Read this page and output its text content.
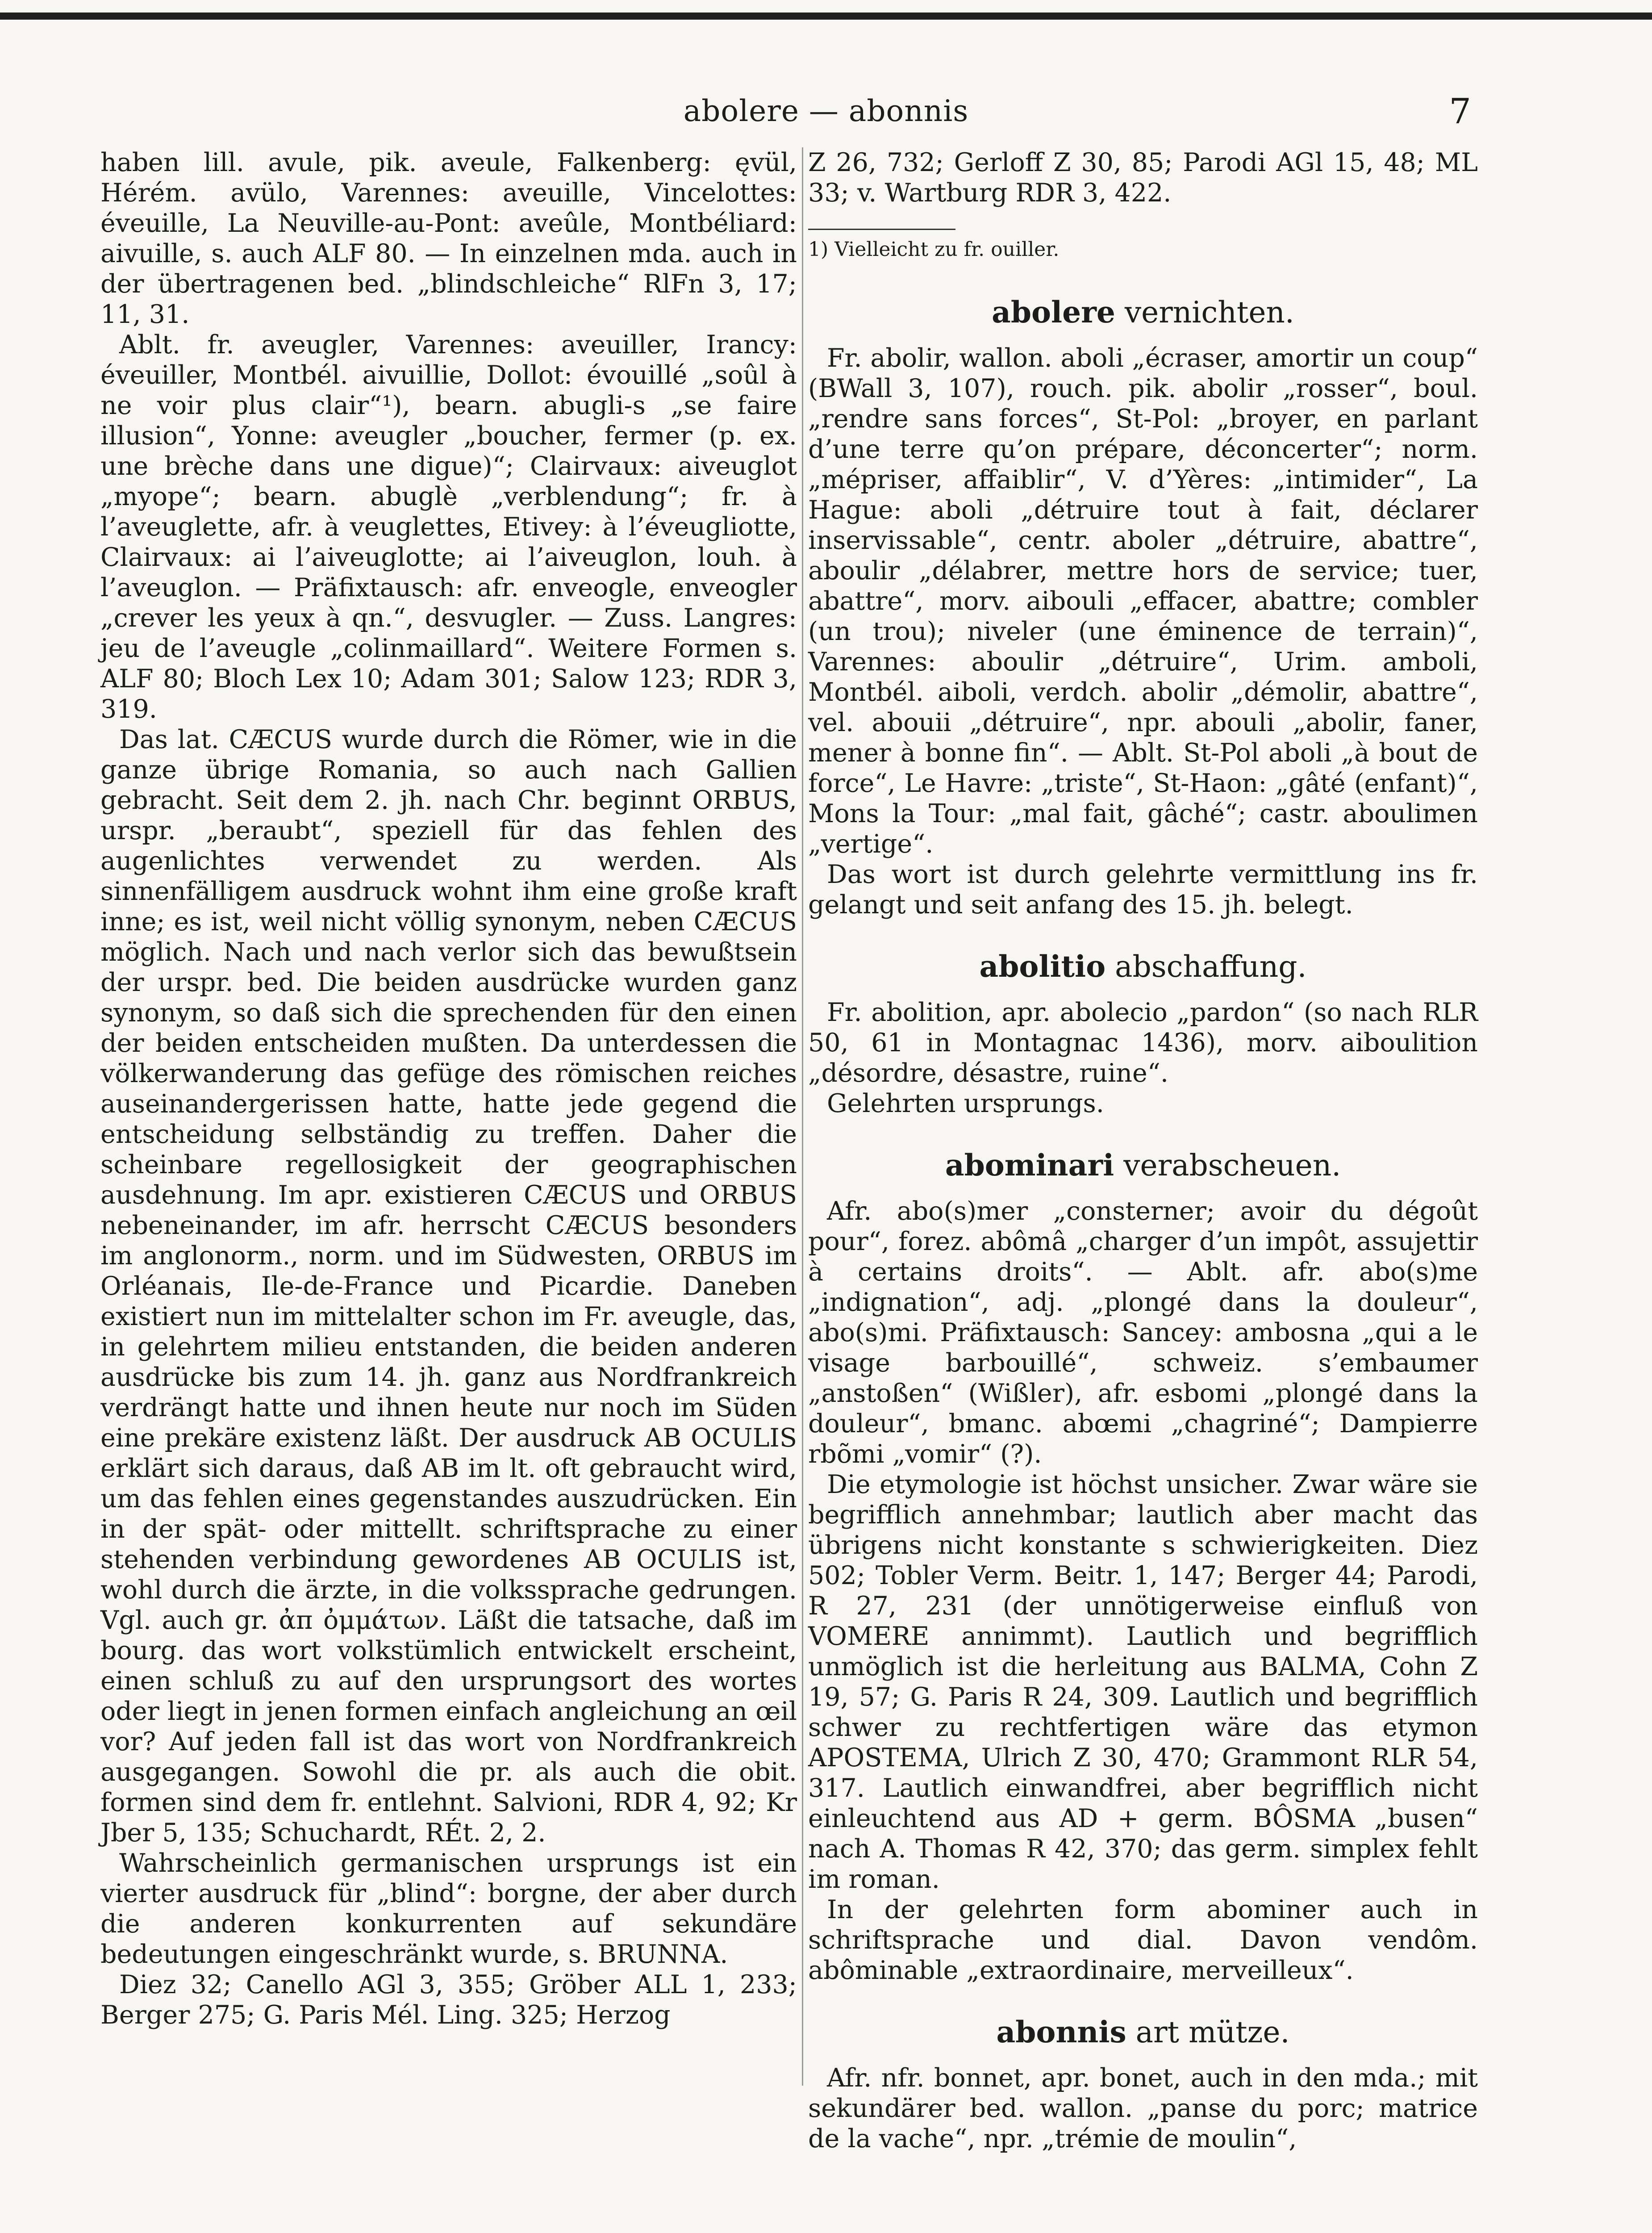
abolere — abonnis	7

haben lill. avule, pik. aveule, Falkenberg: ęvül, Hérém. avülo, Varennes: aveuille, Vincelottes: éveuille, La Neuville-au-Pont: aveûle, Montbéliard: aivuille, s. auch ALF 80. — In einzelnen mda. auch in der übertragenen bed. „blindschleiche“ RlFn 3, 17; 11, 31.

Ablt. fr. aveugler, Varennes: aveuiller, Irancy: éveuiller, Montbél. aivuillie, Dollot: évouillé „soûl à ne voir plus clair“¹), bearn. abugli-s „se faire illusion“, Yonne: aveugler „boucher, fermer (p. ex. une brèche dans une digue)“; Clairvaux: aiveuglot „myope“; bearn. abuglè „verblendung“; fr. à l’aveuglette, afr. à veuglettes, Etivey: à l’éveugliotte, Clairvaux: ai l’aiveuglotte; ai l’aiveuglon, louh. à l’aveuglon. — Präfixtausch: afr. enveogle, enveogler „crever les yeux à qn.“, desvugler. — Zuss. Langres: jeu de l’aveugle „colinmaillard“. Weitere Formen s. ALF 80; Bloch Lex 10; Adam 301; Salow 123; RDR 3, 319.

Das lat. CÆCUS wurde durch die Römer, wie in die ganze übrige Romania, so auch nach Gallien gebracht. Seit dem 2. jh. nach Chr. beginnt ORBUS, urspr. „beraubt“, speziell für das fehlen des augenlichtes verwendet zu werden. Als sinnenfälligem ausdruck wohnt ihm eine große kraft inne; es ist, weil nicht völlig synonym, neben CÆCUS möglich. Nach und nach verlor sich das bewußtsein der urspr. bed. Die beiden ausdrücke wurden ganz synonym, so daß sich die sprechenden für den einen der beiden entscheiden mußten. Da unterdessen die völkerwanderung das gefüge des römischen reiches auseinandergerissen hatte, hatte jede gegend die entscheidung selbständig zu treffen. Daher die scheinbare regellosigkeit der geographischen ausdehnung. Im apr. existieren CÆCUS und ORBUS nebeneinander, im afr. herrscht CÆCUS besonders im anglonorm., norm. und im Südwesten, ORBUS im Orléanais, Ile-de-France und Picardie. Daneben existiert nun im mittelalter schon im Fr. aveugle, das, in gelehrtem milieu entstanden, die beiden anderen ausdrücke bis zum 14. jh. ganz aus Nordfrankreich verdrängt hatte und ihnen heute nur noch im Süden eine prekäre existenz läßt. Der ausdruck AB OCULIS erklärt sich daraus, daß AB im lt. oft gebraucht wird, um das fehlen eines gegenstandes auszudrücken. Ein in der spät- oder mittellt. schriftsprache zu einer stehenden verbindung gewordenes AB OCULIS ist, wohl durch die ärzte, in die volkssprache gedrungen. Vgl. auch gr. ἀπ ὀμμάτων. Läßt die tatsache, daß im bourg. das wort volkstümlich entwickelt erscheint, einen schluß zu auf den ursprungsort des wortes oder liegt in jenen formen einfach angleichung an œil vor? Auf jeden fall ist das wort von Nordfrankreich ausgegangen. Sowohl die pr. als auch die obit. formen sind dem fr. entlehnt. Salvioni, RDR 4, 92; Kr Jber 5, 135; Schuchardt, RÉt. 2, 2.

Wahrscheinlich germanischen ursprungs ist ein vierter ausdruck für „blind“: borgne, der aber durch die anderen konkurrenten auf sekundäre bedeutungen eingeschränkt wurde, s. BRUNNA.

Diez 32; Canello AGl 3, 355; Gröber ALL 1, 233; Berger 275; G. Paris Mél. Ling. 325; Herzog

Z 26, 732; Gerloff Z 30, 85; Parodi AGl 15, 48; ML 33; v. Wartburg RDR 3, 422.

1) Vielleicht zu fr. ouiller.

abolere vernichten.

Fr. abolir, wallon. aboli „écraser, amortir un coup“ (BWall 3, 107), rouch. pik. abolir „rosser“, boul. „rendre sans forces“, St-Pol: „broyer, en parlant d’une terre qu’on prépare, déconcerter“; norm. „mépriser, affaiblir“, V. d’Yères: „intimider“, La Hague: aboli „détruire tout à fait, déclarer inservissable“, centr. aboler „détruire, abattre“, aboulir „délabrer, mettre hors de service; tuer, abattre“, morv. aibouli „effacer, abattre; combler (un trou); niveler (une éminence de terrain)“, Varennes: aboulir „détruire“, Urim. amboli, Montbél. aiboli, verdch. abolir „démolir, abattre“, vel. abouii „détruire“, npr. abouli „abolir, faner, mener à bonne fin“. — Ablt. St-Pol aboli „à bout de force“, Le Havre: „triste“, St-Haon: „gâté (enfant)“, Mons la Tour: „mal fait, gâché“; castr. aboulimen „vertige“.

Das wort ist durch gelehrte vermittlung ins fr. gelangt und seit anfang des 15. jh. belegt.

abolitio abschaffung.

Fr. abolition, apr. abolecio „pardon“ (so nach RLR 50, 61 in Montagnac 1436), morv. aiboulition „désordre, désastre, ruine“.

Gelehrten ursprungs.

abominari verabscheuen.

Afr. abo(s)mer „consterner; avoir du dégoût pour“, forez. abômâ „charger d’un impôt, assujettir à certains droits“. — Ablt. afr. abo(s)me „indignation“, adj. „plongé dans la douleur“, abo(s)mi. Präfixtausch: Sancey: ambosna „qui a le visage barbouillé“, schweiz. s’embaumer „anstoßen“ (Wißler), afr. esbomi „plongé dans la douleur“, bmanc. abœmi „chagriné“; Dampierre rbõmi „vomir“ (?).

Die etymologie ist höchst unsicher. Zwar wäre sie begrifflich annehmbar; lautlich aber macht das übrigens nicht konstante s schwierigkeiten. Diez 502; Tobler Verm. Beitr. 1, 147; Berger 44; Parodi, R 27, 231 (der unnötigerweise einfluß von VOMERE annimmt). Lautlich und begrifflich unmöglich ist die herleitung aus BALMA, Cohn Z 19, 57; G. Paris R 24, 309. Lautlich und begrifflich schwer zu rechtfertigen wäre das etymon APOSTEMA, Ulrich Z 30, 470; Grammont RLR 54, 317. Lautlich einwandfrei, aber begrifflich nicht einleuchtend aus AD + germ. BÔSMA „busen“ nach A. Thomas R 42, 370; das germ. simplex fehlt im roman.

In der gelehrten form abominer auch in schriftsprache und dial. Davon vendôm. abôminable „extraordinaire, merveilleux“.

abonnis art mütze.

Afr. nfr. bonnet, apr. bonet, auch in den mda.; mit sekundärer bed. wallon. „panse du porc; matrice de la vache“, npr. „trémie de moulin“,
